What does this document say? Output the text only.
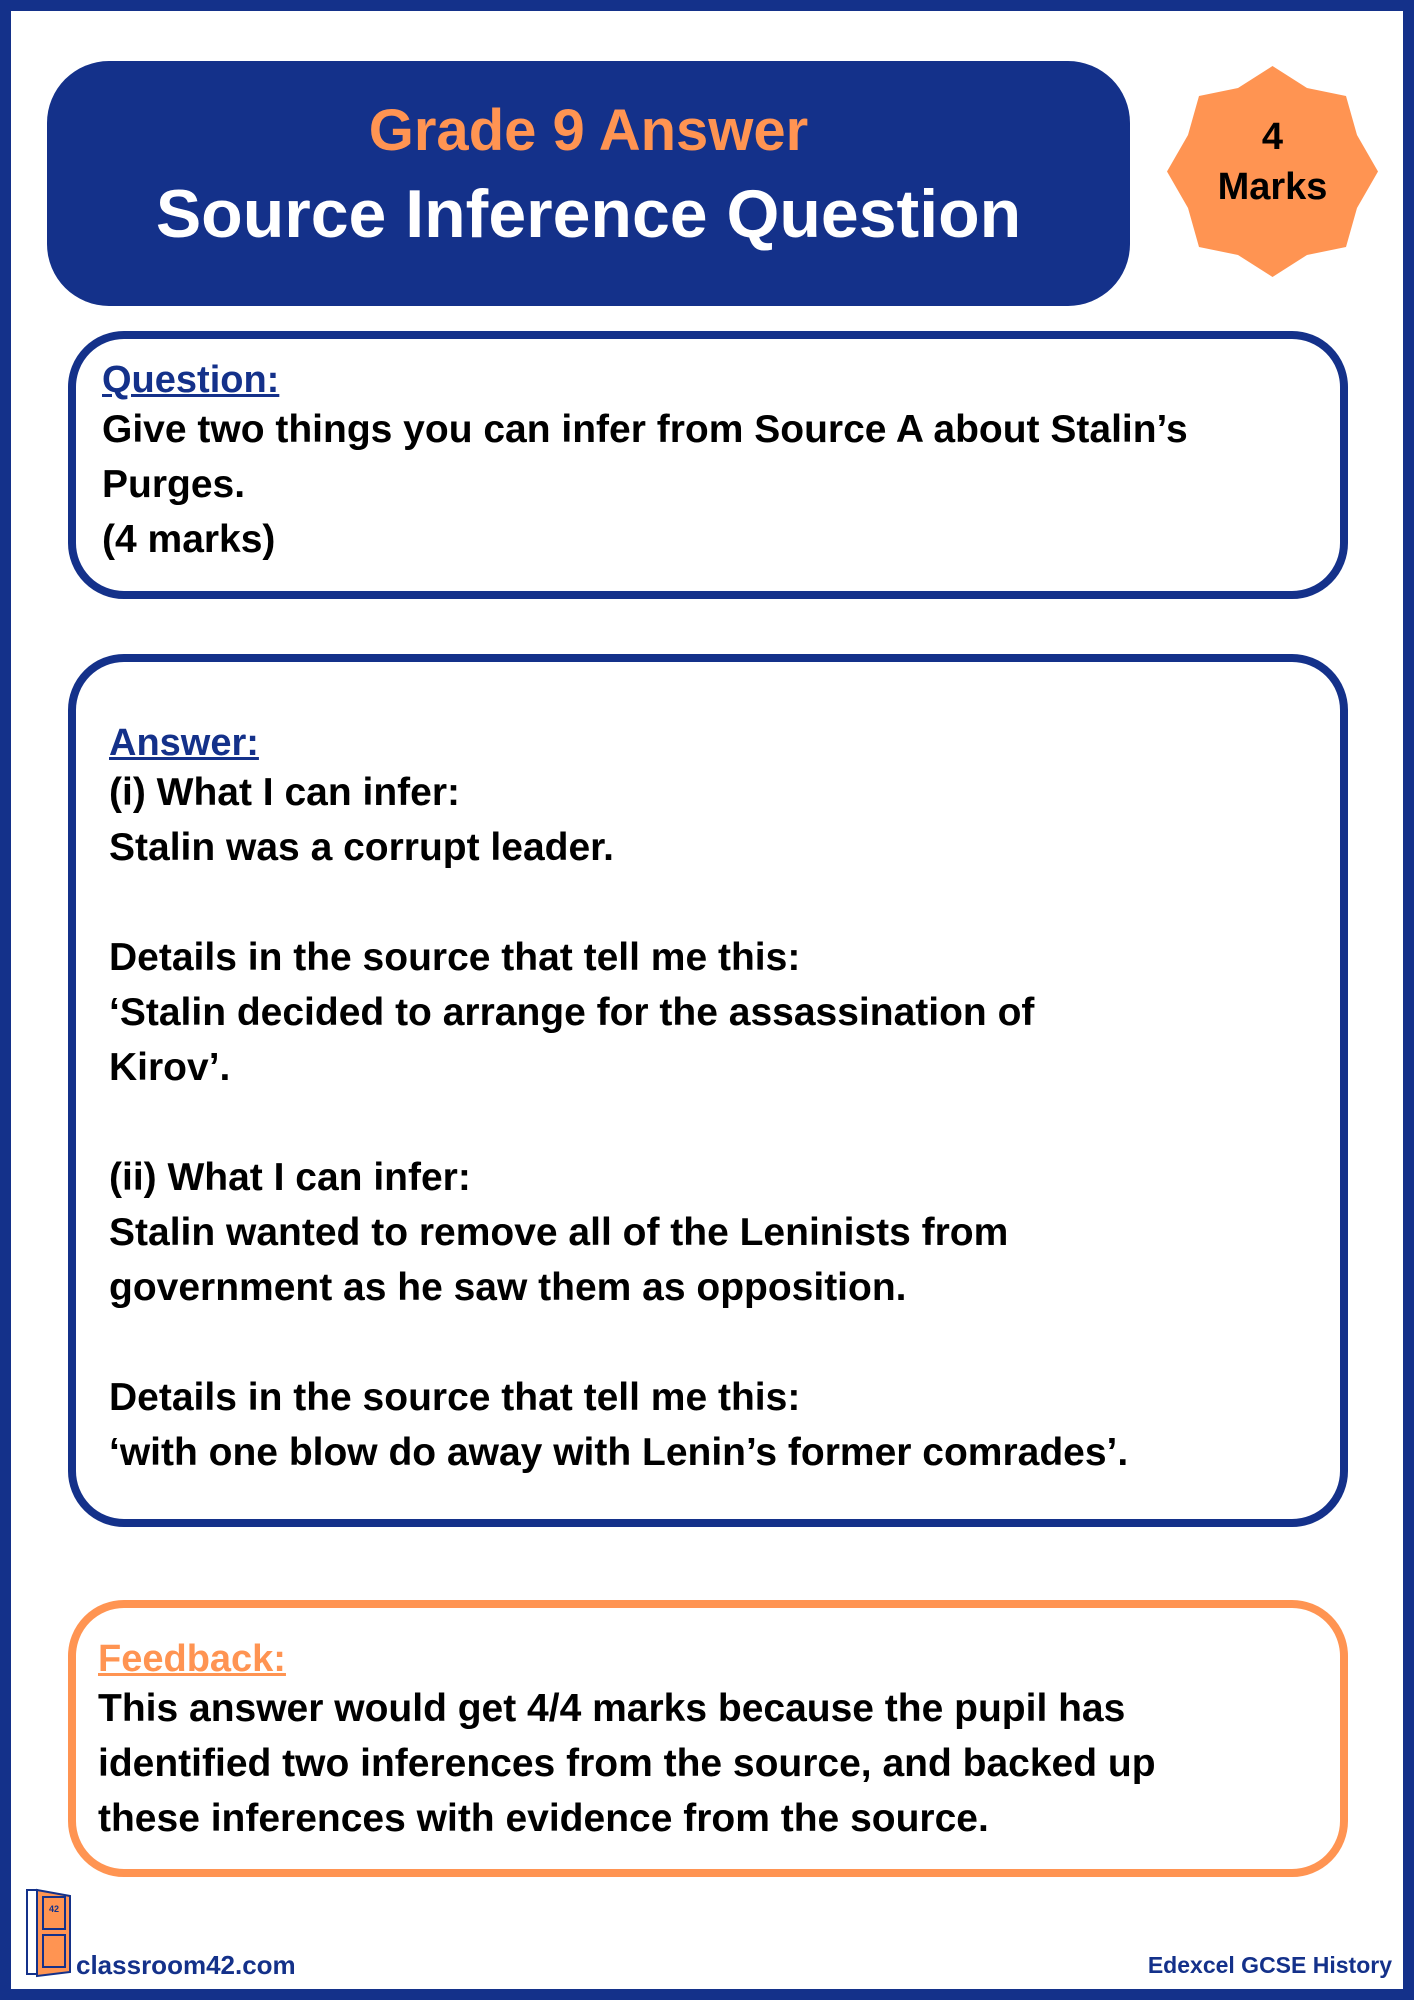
Grade 9 Answer
Source Inference Question
4
Marks
Question:
Give two things you can infer from Source A about Stalin’s
Purges.
(4 marks)
Answer:
(i) What I can infer:
Stalin was a corrupt leader.
Details in the source that tell me this:
‘Stalin decided to arrange for the assassination of
Kirov’.
(ii) What I can infer:
Stalin wanted to remove all of the Leninists from
government as he saw them as opposition.
Details in the source that tell me this:
‘with one blow do away with Lenin’s former comrades’.
Feedback:
This answer would get 4/4 marks because the pupil has
identified two inferences from the source, and backed up
these inferences with evidence from the source.
42
classroom42.com	Edexcel GCSE History
